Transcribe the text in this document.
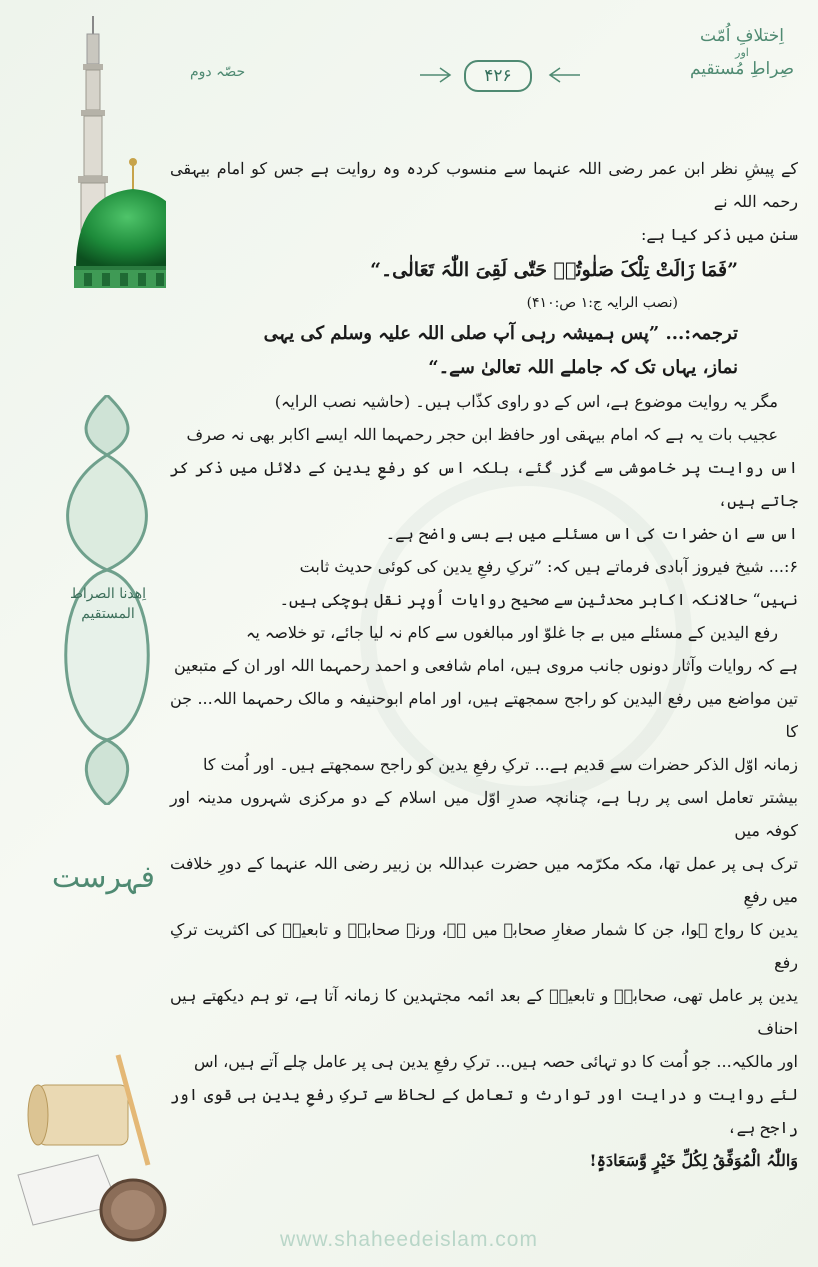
اِھدنا الصراط المستقیم
فہرست
حصّہ دوم	۴۲۶
اِختلافِ اُمّت
اور
صِراطِ مُستقیم

کے پیشِ نظر ابن عمر رضی اللہ عنہما سے منسوب کردہ وہ روایت ہے جس کو امام بیہقی رحمہ اللہ نے

سنن میں ذکر کیا ہے:

”فَمَا زَالَتْ تِلْکَ صَلٰوتُہٗ حَتّٰی لَقِیَ اللّٰہَ تَعَالٰی۔“

(نصب الرایہ ج:۱ ص:۴۱۰)

ترجمہ:... ”پس ہمیشہ رہی آپ صلی اللہ علیہ وسلم کی یہی

نماز، یہاں تک کہ جاملے اللہ تعالیٰ سے۔“

مگر یہ روایت موضوع ہے، اس کے دو راوی کذّاب ہیں۔ (حاشیہ نصب الرایہ)

عجیب بات یہ ہے کہ امام بیہقی اور حافظ ابن حجر رحمہما اللہ ایسے اکابر بھی نہ صرف

اس روایت پر خاموشی سے گزر گئے، بلکہ اس کو رفعِ یدین کے دلائل میں ذکر کر جاتے ہیں،

اس سے ان حضرات کی اس مسئلے میں بے بسی واضح ہے۔

۶:... شیخ فیروز آبادی فرماتے ہیں کہ: ”ترکِ رفعِ یدین کی کوئی حدیث ثابت

نہیں“ حالانکہ اکابر محدثین سے صحیح روایات اُوپر نقل ہوچکی ہیں۔

رفع الیدین کے مسئلے میں بے جا غلوّ اور مبالغوں سے کام نہ لیا جائے، تو خلاصہ یہ

ہے کہ روایات وآثار دونوں جانب مروی ہیں، امام شافعی و احمد رحمہما اللہ اور ان کے متبعین

تین مواضع میں رفع الیدین کو راجح سمجھتے ہیں، اور امام ابوحنیفہ و مالک رحمہما اللہ... جن کا

زمانہ اوّل الذکر حضرات سے قدیم ہے... ترکِ رفعِ یدین کو راجح سمجھتے ہیں۔ اور اُمت کا

بیشتر تعامل اسی پر رہا ہے، چنانچہ صدرِ اوّل میں اسلام کے دو مرکزی شہروں مدینہ اور کوفہ میں

ترک ہی پر عمل تھا، مکہ مکرّمہ میں حضرت عبداللہ بن زبیر رضی اللہ عنہما کے دورِ خلافت میں رفعِ

یدین کا رواج ہوا، جن کا شمار صغارِ صحابہ میں ہے، ورنہ صحابہؓ و تابعینؒ کی اکثریت ترکِ رفع

یدین پر عامل تھی، صحابہؓ و تابعینؒ کے بعد ائمہ مجتہدین کا زمانہ آتا ہے، تو ہم دیکھتے ہیں احناف

اور مالکیہ... جو اُمت کا دو تہائی حصہ ہیں... ترکِ رفعِ یدین ہی پر عامل چلے آتے ہیں، اس

لئے روایت و درایت اور توارث و تعامل کے لحاظ سے ترکِ رفعِ یدین ہی قوی اور راجح ہے،

وَاللّٰہُ الْمُوَفِّقُ لِکُلِّ خَیْرٍ وَّسَعَادَۃٍ!

www.shaheedeislam.com
